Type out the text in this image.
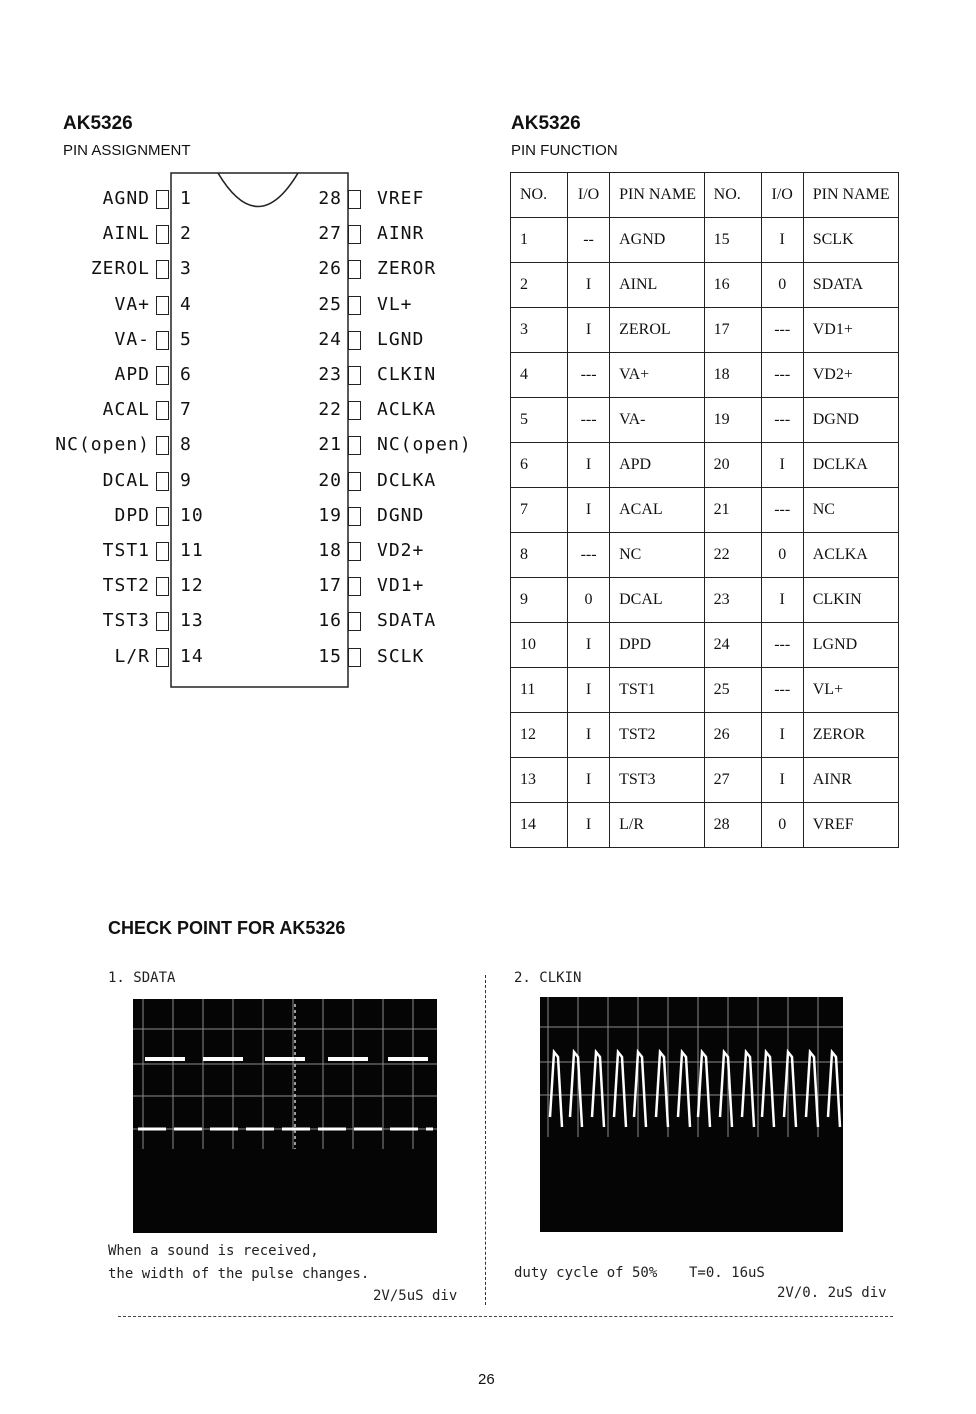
AK5326
PIN ASSIGNMENT
AK5326
PIN FUNCTION
AGND 1
AINL 2
ZEROL 3
VA+ 4
VA- 5
APD 6
ACAL 7
NC(open) 8
DCAL 9
DPD 10
TST1 11
TST2 12
TST3 13
L/R 14
28 VREF
27 AINR
26 ZEROR
25 VL+
24 LGND
23 CLKIN
22 ACLKA
21 NC(open)
20 DCLKA
19 DGND
18 VD2+
17 VD1+
16 SDATA
15 SCLK
NO.	I/O	PIN NAME	NO.	I/O	PIN NAME
1	--	AGND	15	I	SCLK
2	I	AINL	16	0	SDATA
3	I	ZEROL	17	---	VD1+
4	---	VA+	18	---	VD2+
5	---	VA-	19	---	DGND
6	I	APD	20	I	DCLKA
7	I	ACAL	21	---	NC
8	---	NC	22	0	ACLKA
9	0	DCAL	23	I	CLKIN
10	I	DPD	24	---	LGND
11	I	TST1	25	---	VL+
12	I	TST2	26	I	ZEROR
13	I	TST3	27	I	AINR
14	I	L/R	28	0	VREF
CHECK POINT FOR AK5326
1. SDATA	2. CLKIN
When a sound is received,
the width of the pulse changes.
2V/5uS div
duty cycle of 50% T=0. 16uS
2V/0. 2uS div
26
